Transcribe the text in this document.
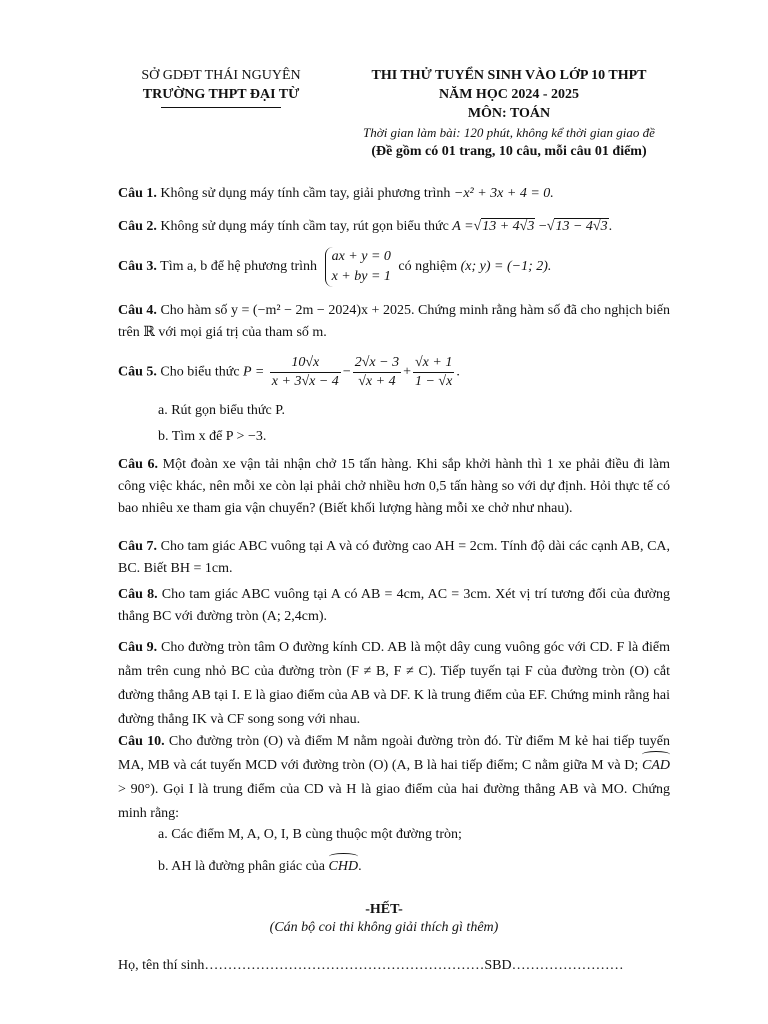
SỞ GDĐT THÁI NGUYÊN
TRƯỜNG THPT ĐẠI TỪ
THI THỬ TUYỂN SINH VÀO LỚP 10 THPT
NĂM HỌC 2024 - 2025
MÔN: TOÁN
Thời gian làm bài: 120 phút, không kể thời gian giao đề
(Đề gồm có 01 trang, 10 câu, mỗi câu 01 điểm)
Câu 1. Không sử dụng máy tính cầm tay, giải phương trình −x² + 3x + 4 = 0.
Câu 2. Không sử dụng máy tính cầm tay, rút gọn biểu thức A =√13 + 4√3 −√13 − 4√3.
Câu 3. Tìm a, b để hệ phương trình
ax + y = 0
x + by = 1
có nghiệm (x; y) = (−1; 2).
Câu 4. Cho hàm số y = (−m² − 2m − 2024)x + 2025. Chứng minh rằng hàm số đã cho nghịch biến trên ℝ với mọi giá trị của tham số m.
Câu 5. Cho biểu thức $P = \frac{10√x}{x + 3√x - 4} - \frac{2√x - 3}{√x + 4} + \frac{√x + 1}{1 - √x}$ .
a. Rút gọn biểu thức P.
b. Tìm x để P > −3.
Câu 6. Một đoàn xe vận tải nhận chở 15 tấn hàng. Khi sắp khởi hành thì 1 xe phải điều đi làm công việc khác, nên mỗi xe còn lại phải chở nhiều hơn 0,5 tấn hàng so với dự định. Hỏi thực tế có bao nhiêu xe tham gia vận chuyển? (Biết khối lượng hàng mỗi xe chở như nhau).
Câu 7. Cho tam giác ABC vuông tại A và có đường cao AH = 2cm. Tính độ dài các cạnh AB, CA, BC. Biết BH = 1cm.
Câu 8. Cho tam giác ABC vuông tại A có AB = 4cm, AC = 3cm. Xét vị trí tương đối của đường thẳng BC với đường tròn (A; 2,4cm).
Câu 9. Cho đường tròn tâm O đường kính CD. AB là một dây cung vuông góc với CD. F là điểm nằm trên cung nhỏ BC của đường tròn (F ≠ B, F ≠ C). Tiếp tuyến tại F của đường tròn (O) cắt đường thẳng AB tại I. E là giao điểm của AB và DF. K là trung điểm của EF. Chứng minh rằng hai đường thẳng IK và CF song song với nhau.
Câu 10. Cho đường tròn (O) và điểm M nằm ngoài đường tròn đó. Từ điểm M kẻ hai tiếp tuyến MA, MB và cát tuyến MCD với đường tròn (O) (A, B là hai tiếp điểm; C nằm giữa M và D; CAD > 90°). Gọi I là trung điểm của CD và H là giao điểm của hai đường thẳng AB và MO. Chứng minh rằng:
a. Các điểm M, A, O, I, B cùng thuộc một đường tròn;
b. AH là đường phân giác của CHD.
-HẾT-
(Cán bộ coi thi không giải thích gì thêm)
Họ, tên thí sinh……………………………………………………SBD……………………
